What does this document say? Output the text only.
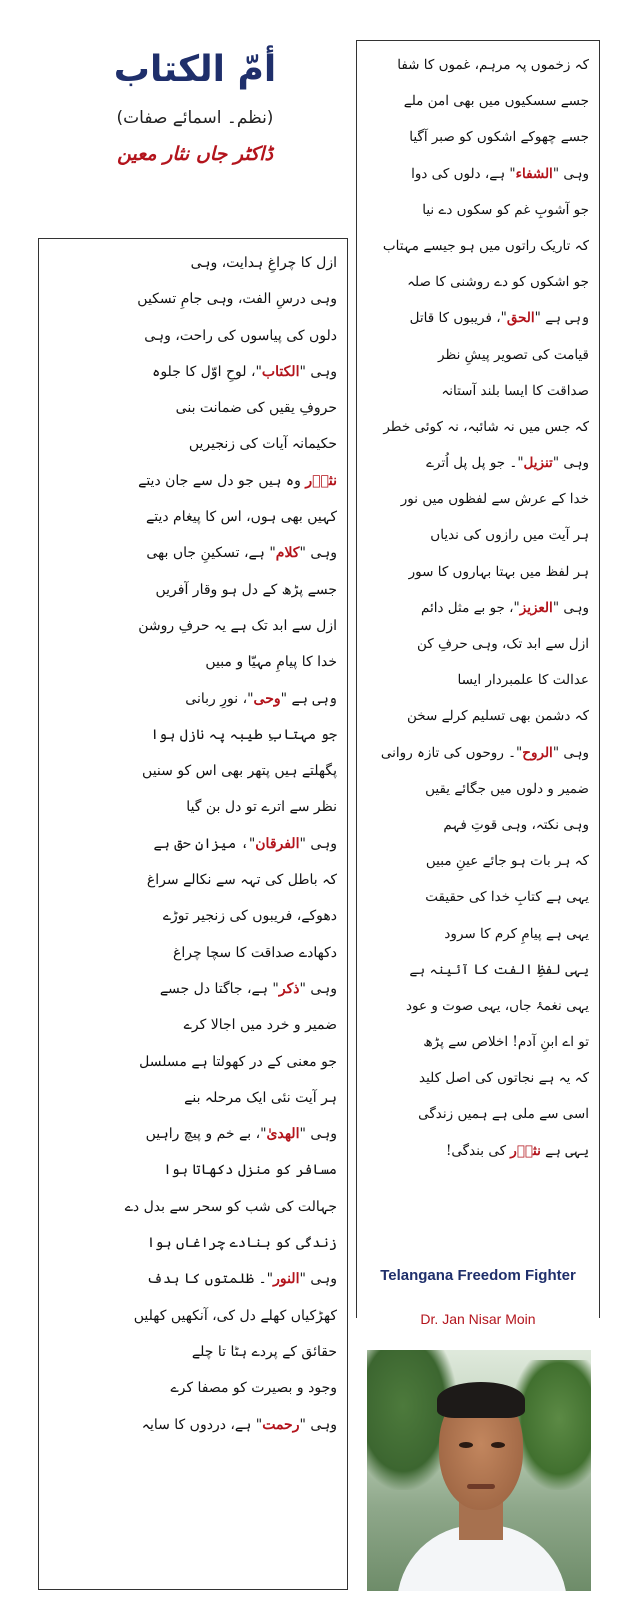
أمّ الکتاب
(نظم۔ اسمائے صفات)
ڈاکٹر جاں نثار معین
کہ زخموں پہ مرہم، غموں کا شفا
جسے سسکیوں میں بھی امن ملے
جسے چھوکے اشکوں کو صبر آگیا
وہی "الشفاء" ہے، دلوں کی دوا
جو آشوبِ غم کو سکوں دے نیا
کہ تاریک راتوں میں ہو جیسے مہتاب
جو اشکوں کو دے روشنی کا صلہ
وہی ہے "الحق"، فریبوں کا قاتل
قیامت کی تصویر پیشِ نظر
صداقت کا ایسا بلند آستانہ
کہ جس میں نہ شائبہ، نہ کوئی خطر
وہی "تنزیل"۔ جو پل پل اُترے
خدا کے عرش سے لفظوں میں نور
ہر آیت میں رازوں کی ندیاں
ہر لفظ میں بہتا بہاروں کا سور
وہی "العزیز"، جو بے مثل دائم
ازل سے ابد تک، وہی حرفِ کن
عدالت کا علمبردار ایسا
کہ دشمن بھی تسلیم کرلے سخن
وہی "الروح"۔ روحوں کی تازہ روانی
ضمیر و دلوں میں جگائے یقیں
وہی نکتہ، وہی قوتِ فہم
کہ ہر بات ہو جائے عینِ مبیں
یہی ہے کتابِ خدا کی حقیقت
یہی ہے پیامِ کرم کا سرود
یہی لفظِ الفت کا آئینہ ہے
یہی نغمۂ جاں، یہی صوت و عود
تو اے ابنِ آدم! اخلاص سے پڑھ
کہ یہ ہے نجاتوں کی اصل کلید
اسی سے ملی ہے ہمیں زندگی
یہی ہے نثاؔر کی بندگی!
ازل کا چراغِ ہدایت، وہی
وہی درسِ الفت، وہی جامِ تسکیں
دلوں کی پیاسوں کی راحت، وہی
وہی "الکتاب"، لوحِ اوّل کا جلوہ
حروفِ یقیں کی ضمانت بنی
حکیمانہ آیات کی زنجیریں
نثاؔر وہ ہیں جو دل سے جان دیتے
کہیں بھی ہوں، اس کا پیغام دیتے
وہی "کلام" ہے، تسکینِ جاں بھی
جسے پڑھ کے دل ہو وقار آفریں
ازل سے ابد تک ہے یہ حرفِ روشن
خدا کا پیامِ مہیّا و مبیں
وہی ہے "وحی"، نورِ ربانی
جو مہتابِ طیبہ پہ نازل ہوا
پگھلتے ہیں پتھر بھی اس کو سنیں
نظر سے اترے تو دل بن گیا
وہی "الفرقان"، میزانِ حق ہے
کہ باطل کی تہہ سے نکالے سراغ
دھوکے، فریبوں کی زنجیر توڑے
دکھادے صداقت کا سچا چراغ
وہی "ذکر" ہے، جاگتا دل جسے
ضمیر و خرد میں اجالا کرے
جو معنی کے در کھولتا ہے مسلسل
ہر آیت نئی ایک مرحلہ بنے
وہی "الھدیٰ"، بے خم و پیچ راہیں
مسافر کو منزل دکھاتا ہوا
جہالت کی شب کو سحر سے بدل دے
زندگی کو بنادے چراغاں ہوا
وہی "النور"۔ ظلمتوں کا ہدف
کھڑکیاں کھلے دل کی، آنکھیں کھلیں
حقائق کے پردے ہٹا تا چلے
وجود و بصیرت کو مصفا کرے
وہی "رحمت" ہے، دردوں کا سایہ
Telangana Freedom Fighter
Dr. Jan Nisar Moin
